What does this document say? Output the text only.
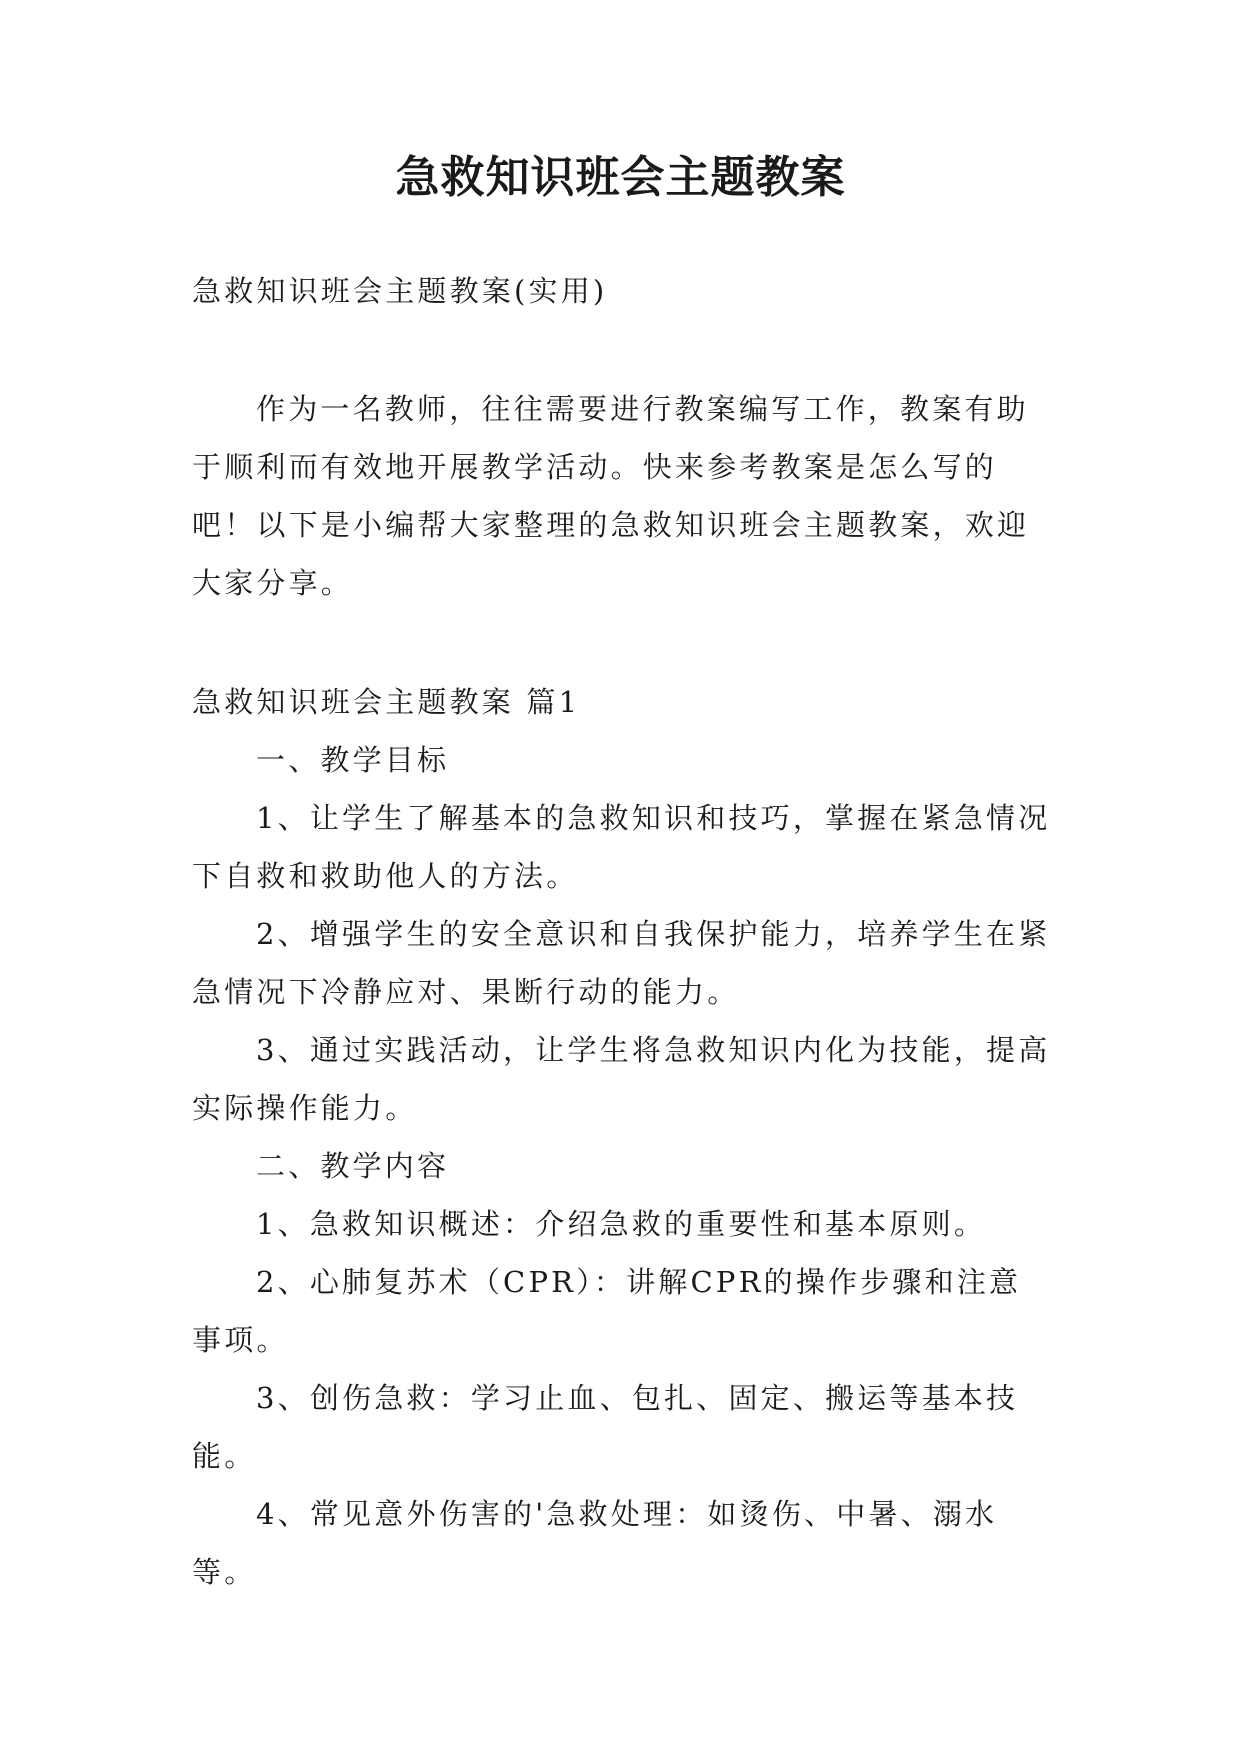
急救知识班会主题教案

急救知识班会主题教案(实用)

作为一名教师，往往需要进行教案编写工作，教案有助于顺利而有效地开展教学活动。快来参考教案是怎么写的吧！以下是小编帮大家整理的急救知识班会主题教案，欢迎大家分享。

急救知识班会主题教案 篇1

一、教学目标

1、让学生了解基本的急救知识和技巧，掌握在紧急情况下自救和救助他人的方法。

2、增强学生的安全意识和自我保护能力，培养学生在紧急情况下冷静应对、果断行动的能力。

3、通过实践活动，让学生将急救知识内化为技能，提高实际操作能力。

二、教学内容

1、急救知识概述：介绍急救的重要性和基本原则。

2、心肺复苏术（CPR）：讲解CPR的操作步骤和注意事项。

3、创伤急救：学习止血、包扎、固定、搬运等基本技能。

4、常见意外伤害的'急救处理：如烫伤、中暑、溺水等。
